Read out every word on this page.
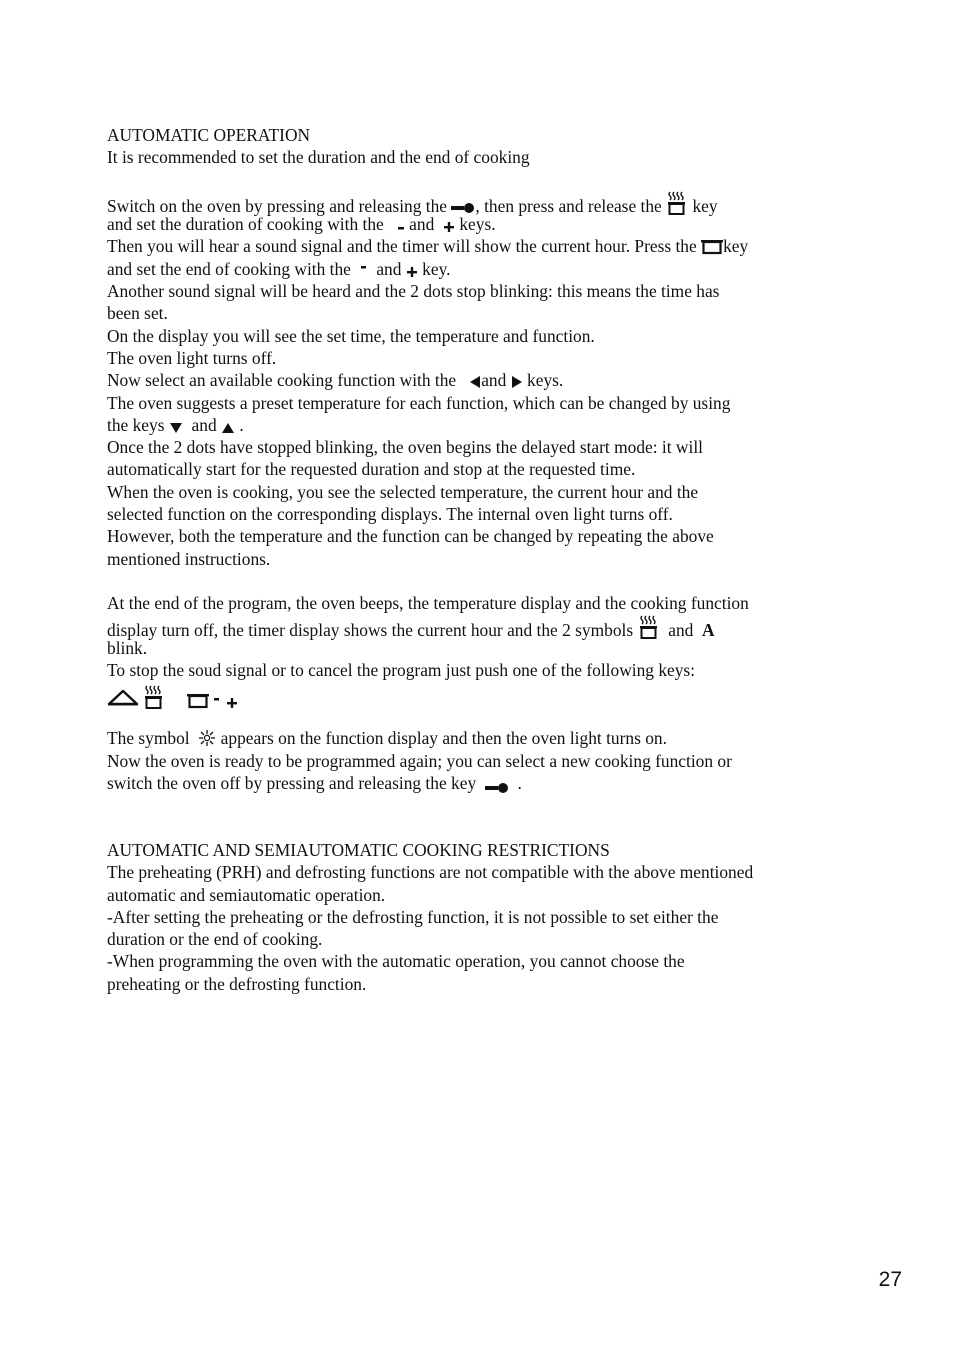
AUTOMATIC OPERATION
It is recommended to set the duration and the end of cooking
Switch on the oven by pressing and releasing the , then press and release the key
and set the duration of cooking with the and keys.
Then you will hear a sound signal and the timer will show the current hour. Press the key
and set the end of cooking with the and key.
Another sound signal will be heard and the 2 dots stop blinking: this means the time has
been set.
On the display you will see the set time, the temperature and function.
The oven light turns off.
Now select an available cooking function with the and keys.
The oven suggests a preset temperature for each function, which can be changed by using
the keys and .
Once the 2 dots have stopped blinking, the oven begins the delayed start mode: it will
automatically start for the requested duration and stop at the requested time.
When the oven is cooking, you see the selected temperature, the current hour and the
selected function on the corresponding displays. The internal oven light turns off.
However, both the temperature and the function can be changed by repeating the above
mentioned instructions.
At the end of the program, the oven beeps, the temperature display and the cooking function
display turn off, the timer display shows the current hour and the 2 symbols and A
blink.
To stop the soud signal or to cancel the program just push one of the following keys:

The symbol appears on the function display and then the oven light turns on.
Now the oven is ready to be programmed again; you can select a new cooking function or
switch the oven off by pressing and releasing the key .
AUTOMATIC AND SEMIAUTOMATIC COOKING RESTRICTIONS
The preheating (PRH) and defrosting functions are not compatible with the above mentioned
automatic and semiautomatic operation.
-After setting the preheating or the defrosting function, it is not possible to set either the
duration or the end of cooking.
-When programming the oven with the automatic operation, you cannot choose the
preheating or the defrosting function.
27
